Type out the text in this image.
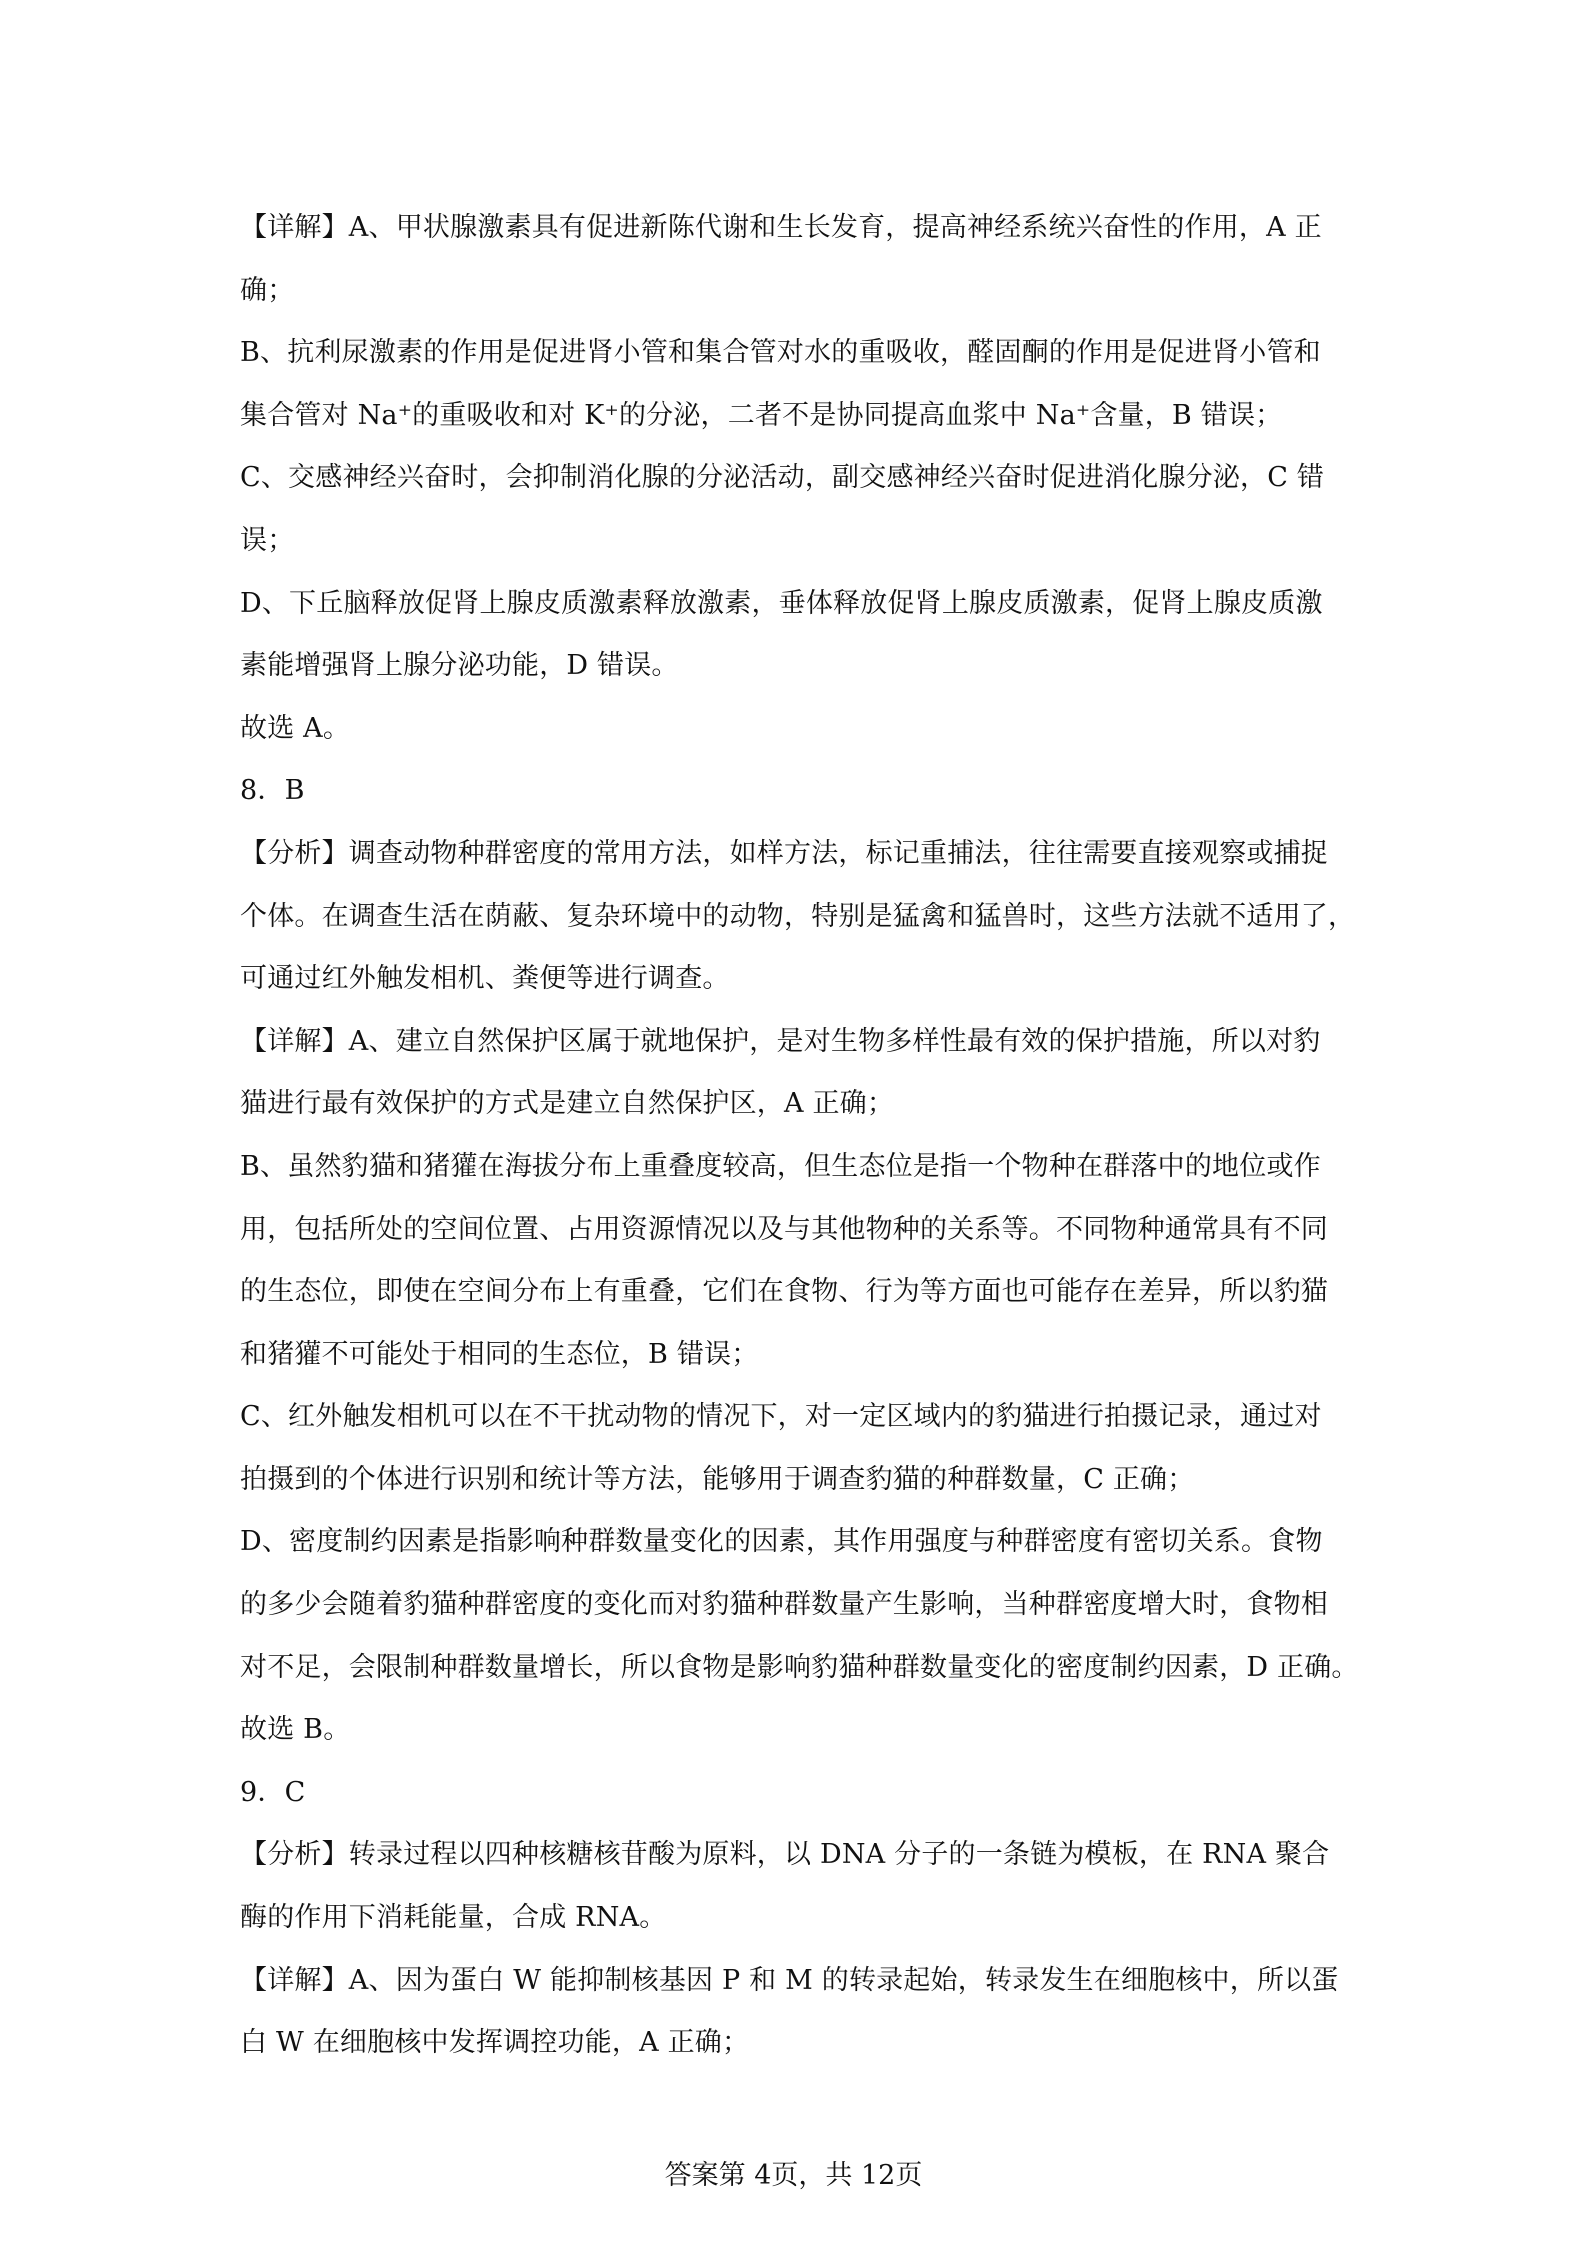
【详解】A、甲状腺激素具有促进新陈代谢和生长发育，提高神经系统兴奋性的作用，A 正
确；
B、抗利尿激素的作用是促进肾小管和集合管对水的重吸收，醛固酮的作用是促进肾小管和
集合管对 Na⁺的重吸收和对 K⁺的分泌，二者不是协同提高血浆中 Na⁺含量，B 错误；
C、交感神经兴奋时，会抑制消化腺的分泌活动，副交感神经兴奋时促进消化腺分泌，C 错
误；
D、下丘脑释放促肾上腺皮质激素释放激素，垂体释放促肾上腺皮质激素，促肾上腺皮质激
素能增强肾上腺分泌功能，D 错误。
故选 A。
8．B
【分析】调查动物种群密度的常用方法，如样方法，标记重捕法，往往需要直接观察或捕捉
个体。在调查生活在荫蔽、复杂环境中的动物，特别是猛禽和猛兽时，这些方法就不适用了，
可通过红外触发相机、粪便等进行调查。
【详解】A、建立自然保护区属于就地保护，是对生物多样性最有效的保护措施，所以对豹
猫进行最有效保护的方式是建立自然保护区，A 正确；
B、虽然豹猫和猪獾在海拔分布上重叠度较高，但生态位是指一个物种在群落中的地位或作
用，包括所处的空间位置、占用资源情况以及与其他物种的关系等。不同物种通常具有不同
的生态位，即使在空间分布上有重叠，它们在食物、行为等方面也可能存在差异，所以豹猫
和猪獾不可能处于相同的生态位，B 错误；
C、红外触发相机可以在不干扰动物的情况下，对一定区域内的豹猫进行拍摄记录，通过对
拍摄到的个体进行识别和统计等方法，能够用于调查豹猫的种群数量，C 正确；
D、密度制约因素是指影响种群数量变化的因素，其作用强度与种群密度有密切关系。食物
的多少会随着豹猫种群密度的变化而对豹猫种群数量产生影响，当种群密度增大时，食物相
对不足，会限制种群数量增长，所以食物是影响豹猫种群数量变化的密度制约因素，D 正确。
故选 B。
9．C
【分析】转录过程以四种核糖核苷酸为原料，以 DNA 分子的一条链为模板，在 RNA 聚合
酶的作用下消耗能量，合成 RNA。
【详解】A、因为蛋白 W 能抑制核基因 P 和 M 的转录起始，转录发生在细胞核中，所以蛋
白 W 在细胞核中发挥调控功能，A 正确；
答案第 4页，共 12页
